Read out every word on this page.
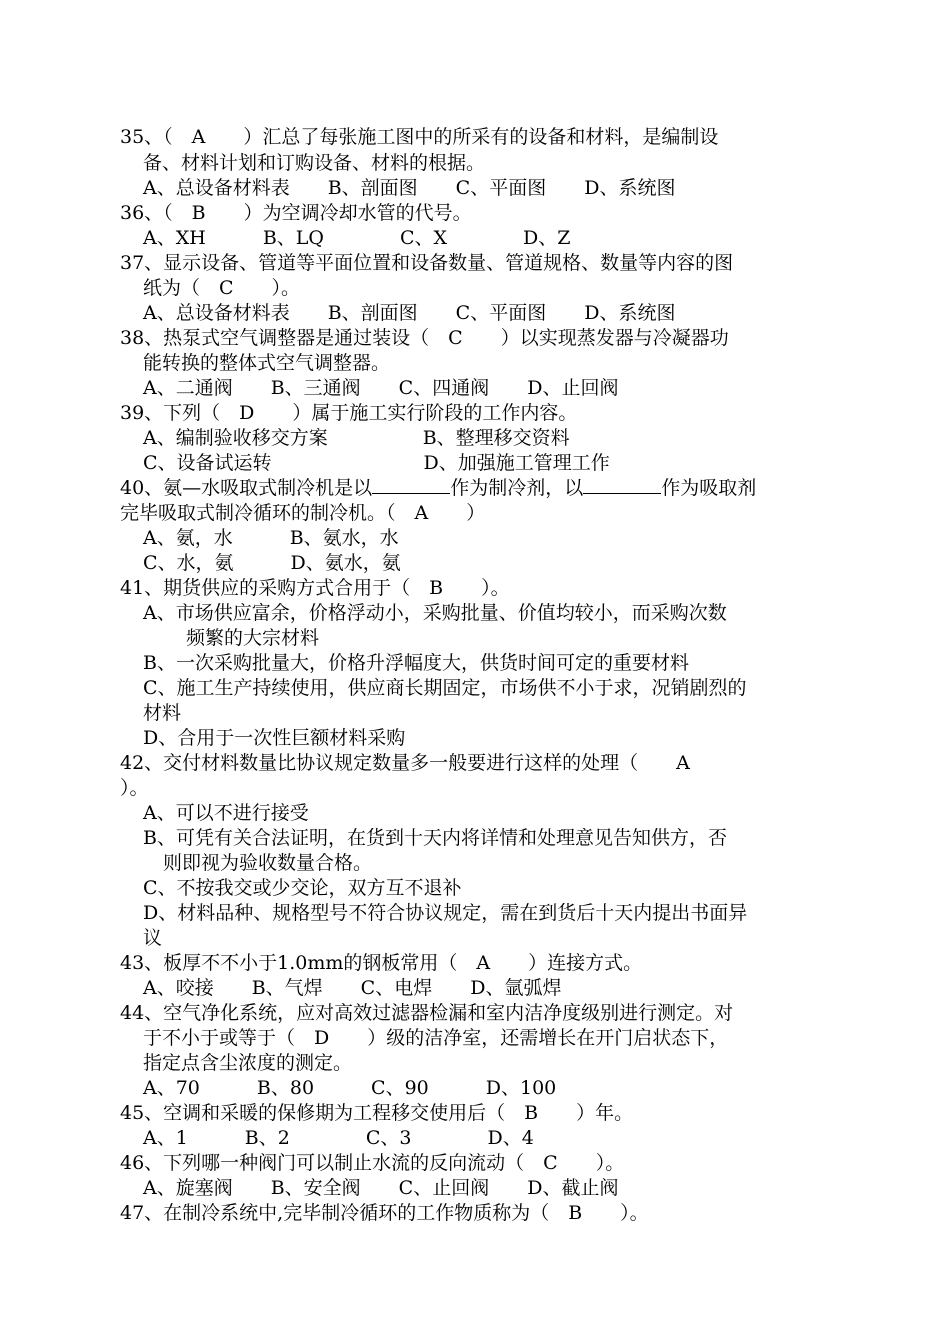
35、（　A　　）汇总了每张施工图中的所采有的设备和材料，是编制设
备、材料计划和订购设备、材料的根据。
A、总设备材料表　　B、剖面图　　C、平面图　　D、系统图
36、（　B　　）为空调冷却水管的代号。
A、XH　　　B、LQ　　　　C、X　　　　D、Z
37、显示设备、管道等平面位置和设备数量、管道规格、数量等内容的图
纸为（　C　　）。
A、总设备材料表　　B、剖面图　　C、平面图　　D、系统图
38、热泵式空气调整器是通过装设（　C　　）以实现蒸发器与冷凝器功
能转换的整体式空气调整器。
A、二通阀　　B、三通阀　　C、四通阀　　D、止回阀
39、下列（　D　　）属于施工实行阶段的工作内容。
A、编制验收移交方案　　　　　B、整理移交资料
C、设备试运转　　　　　　　　D、加强施工管理工作
40、氨—水吸取式制冷机是以	作为制冷剂，以	作为吸取剂
完毕吸取式制冷循环的制冷机。（　A　　）
A、氨，水　　　B、氨水，水
C、水，氨　　　D、氨水，氨
41、期货供应的采购方式合用于（　B　　）。
A、市场供应富余，价格浮动小，采购批量、价值均较小，而采购次数
频繁的大宗材料
B、一次采购批量大，价格升浮幅度大，供货时间可定的重要材料
C、施工生产持续使用，供应商长期固定，市场供不小于求，况销剧烈的
材料
D、合用于一次性巨额材料采购
42、交付材料数量比协议规定数量多一般要进行这样的处理（　　A
）。
A、可以不进行接受
B、可凭有关合法证明，在货到十天内将详情和处理意见告知供方，否
则即视为验收数量合格。
C、不按我交或少交论，双方互不退补
D、材料品种、规格型号不符合协议规定，需在到货后十天内提出书面异
议
43、板厚不不小于1.0mm的钢板常用（　A　　）连接方式。
A、咬接　　B、气焊　　C、电焊　　D、氩弧焊
44、空气净化系统，应对高效过滤器检漏和室内洁净度级别进行测定。对
于不小于或等于（　D　　）级的洁净室，还需增长在开门启状态下，
指定点含尘浓度的测定。
A、70　　　B、80　　　C、90　　　D、100
45、空调和采暖的保修期为工程移交使用后（　B　　）年。
A、1　　　B、2　　　　C、3　　　　D、4
46、下列哪一种阀门可以制止水流的反向流动（　C　　）。
A、旋塞阀　　B、安全阀　　C、止回阀　　D、截止阀
47、在制冷系统中,完毕制冷循环的工作物质称为（　B　　）。
